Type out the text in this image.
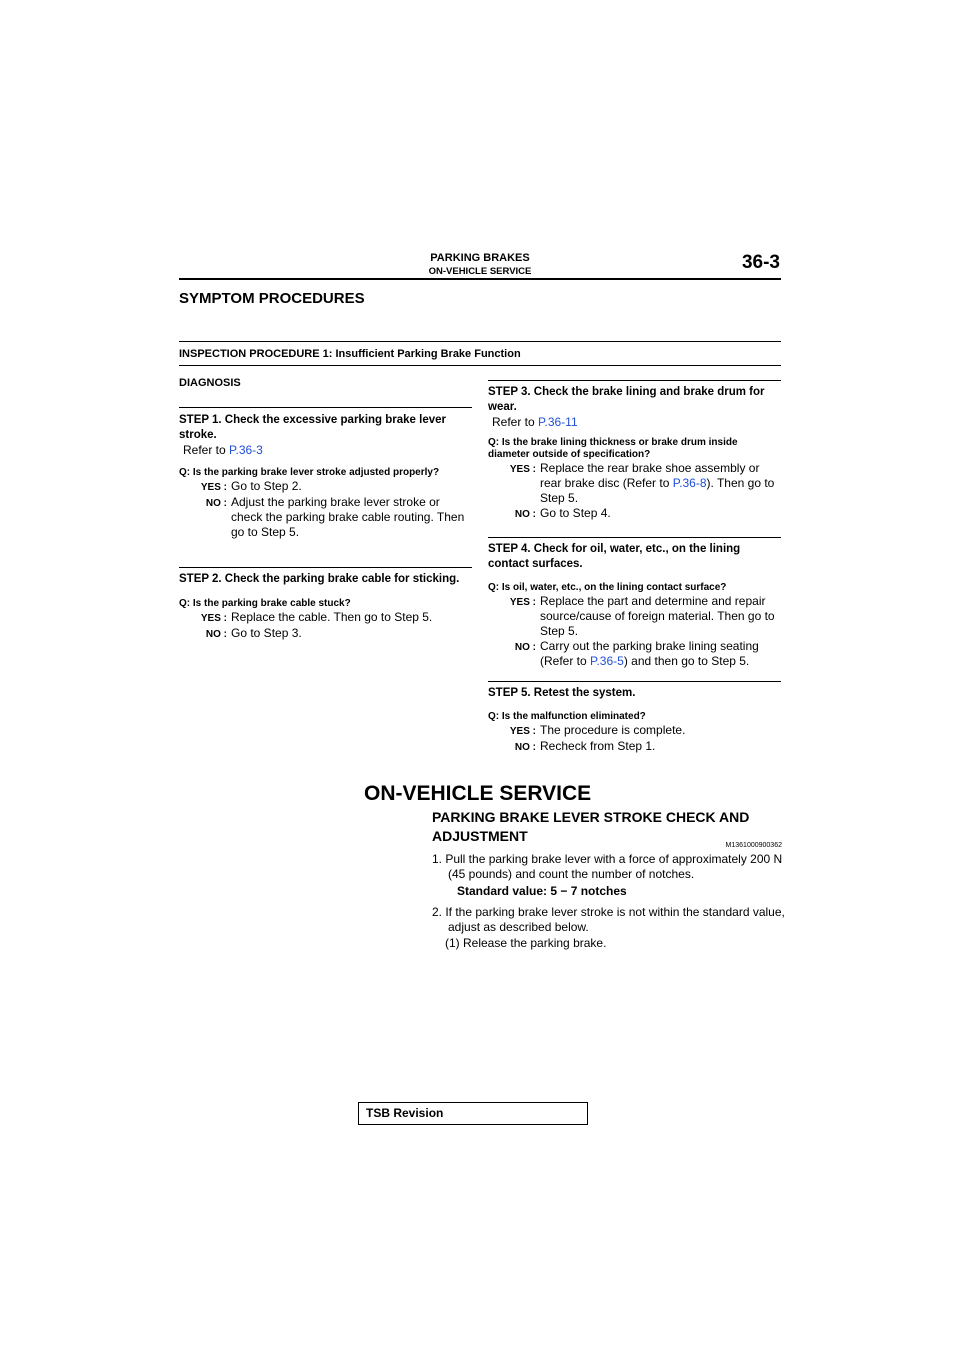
PARKING BRAKES
ON-VEHICLE SERVICE	36-3
SYMPTOM PROCEDURES
INSPECTION PROCEDURE 1: Insufficient Parking Brake Function
DIAGNOSIS
STEP 1. Check the excessive parking brake lever stroke.
Refer to P.36-3
Q: Is the parking brake lever stroke adjusted properly?
YES : Go to Step 2.
NO : Adjust the parking brake lever stroke or check the parking brake cable routing. Then go to Step 5.
STEP 2. Check the parking brake cable for sticking.
Q: Is the parking brake cable stuck?
YES : Replace the cable. Then go to Step 5.
NO : Go to Step 3.
STEP 3. Check the brake lining and brake drum for wear.
Refer to P.36-11
Q: Is the brake lining thickness or brake drum inside diameter outside of specification?
YES : Replace the rear brake shoe assembly or rear brake disc (Refer to P.36-8). Then go to Step 5.
NO : Go to Step 4.
STEP 4. Check for oil, water, etc., on the lining contact surfaces.
Q: Is oil, water, etc., on the lining contact surface?
YES : Replace the part and determine and repair source/cause of foreign material. Then go to Step 5.
NO : Carry out the parking brake lining seating (Refer to P.36-5) and then go to Step 5.
STEP 5. Retest the system.
Q: Is the malfunction eliminated?
YES : The procedure is complete.
NO : Recheck from Step 1.
ON-VEHICLE SERVICE
PARKING BRAKE LEVER STROKE CHECK AND ADJUSTMENT
M1361000900362
1. Pull the parking brake lever with a force of approximately 200 N (45 pounds) and count the number of notches.
Standard value: 5 − 7 notches
2. If the parking brake lever stroke is not within the standard value, adjust as described below.
(1) Release the parking brake.
TSB Revision
